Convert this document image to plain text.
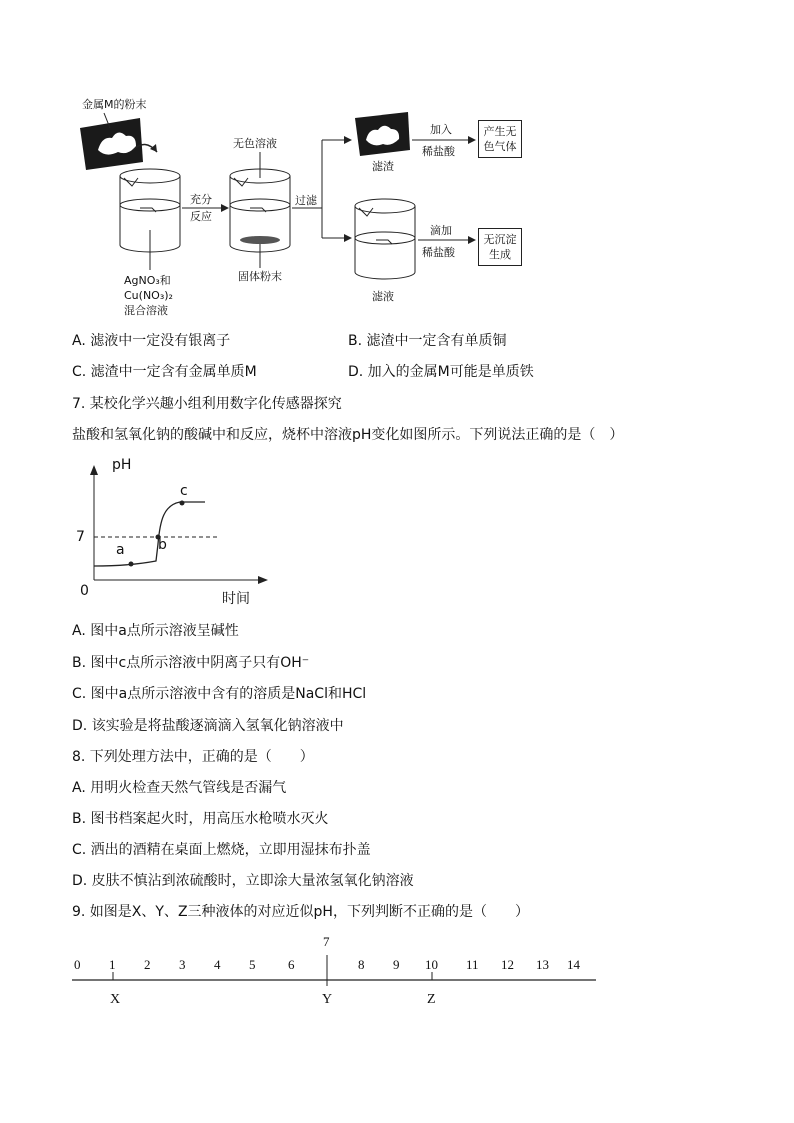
金属M的粉末
无色溶液
充分
反应
过滤
固体粉末
AgNO₃和
Cu(NO₃)₂
混合溶液
滤渣
滤液
加入
稀盐酸
滴加
稀盐酸
产生无
色气体
无沉淀
生成
A. 滤液中一定没有银离子	B. 滤渣中一定含有单质铜
C. 滤渣中一定含有金属单质M	D. 加入的金属M可能是单质铁
7. 某校化学兴趣小组利用数字化传感器探究
盐酸和氢氧化钠的酸碱中和反应，烧杯中溶液pH变化如图所示。下列说法正确的是（　）
pH
7
0	时间
a b
c
A. 图中a点所示溶液呈碱性
B. 图中c点所示溶液中阴离子只有OH⁻
C. 图中a点所示溶液中含有的溶质是NaCl和HCl
D. 该实验是将盐酸逐滴滴入氢氧化钠溶液中
8. 下列处理方法中，正确的是（　　）
A. 用明火检查天然气管线是否漏气
B. 图书档案起火时，用高压水枪喷水灭火
C. 洒出的酒精在桌面上燃烧，立即用湿抹布扑盖
D. 皮肤不慎沾到浓硫酸时，立即涂大量浓氢氧化钠溶液
9. 如图是X、Y、Z三种液体的对应近似pH，下列判断不正确的是（　　）
0 1 2 3 4 5	6
7
8 9 10 11 12 13 14
X	Y	Z
